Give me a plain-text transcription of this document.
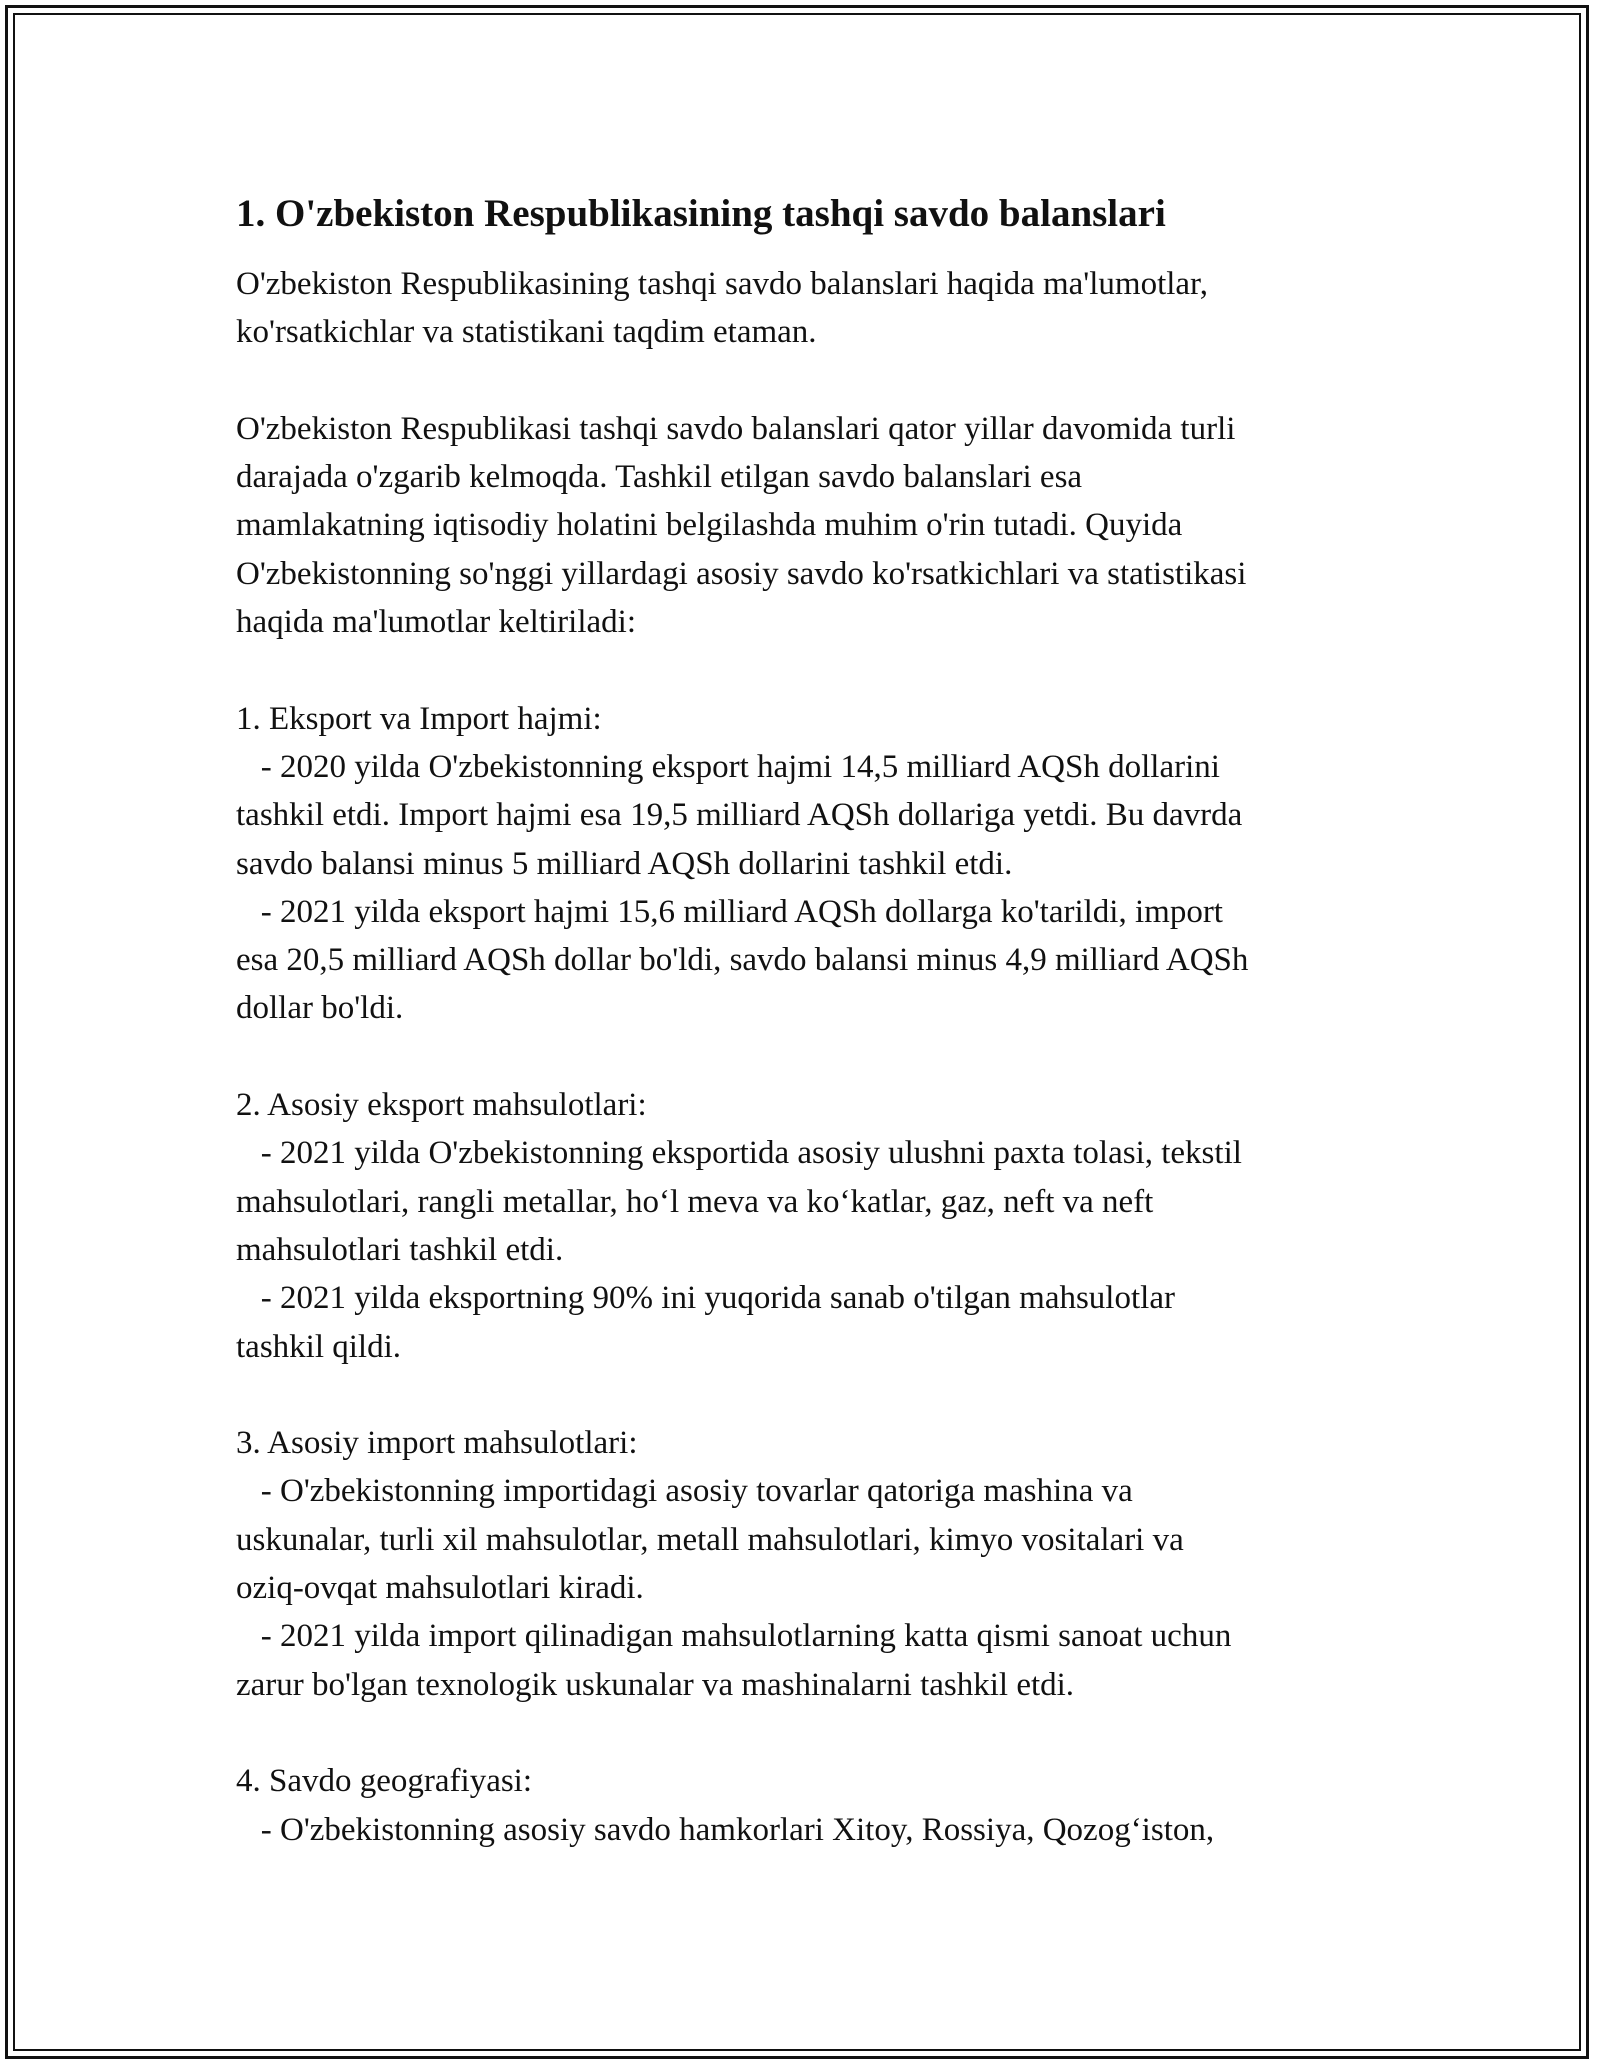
1. O'zbekiston Respublikasining tashqi savdo balanslari

O'zbekiston Respublikasining tashqi savdo balanslari haqida ma'lumotlar,

ko'rsatkichlar va statistikani taqdim etaman.

O'zbekiston Respublikasi tashqi savdo balanslari qator yillar davomida turli

darajada o'zgarib kelmoqda. Tashkil etilgan savdo balanslari esa

mamlakatning iqtisodiy holatini belgilashda muhim o'rin tutadi. Quyida

O'zbekistonning so'nggi yillardagi asosiy savdo ko'rsatkichlari va statistikasi

haqida ma'lumotlar keltiriladi:

1. Eksport va Import hajmi:

- 2020 yilda O'zbekistonning eksport hajmi 14,5 milliard AQSh dollarini

tashkil etdi. Import hajmi esa 19,5 milliard AQSh dollariga yetdi. Bu davrda

savdo balansi minus 5 milliard AQSh dollarini tashkil etdi.

- 2021 yilda eksport hajmi 15,6 milliard AQSh dollarga ko'tarildi, import

esa 20,5 milliard AQSh dollar bo'ldi, savdo balansi minus 4,9 milliard AQSh

dollar bo'ldi.

2. Asosiy eksport mahsulotlari:

- 2021 yilda O'zbekistonning eksportida asosiy ulushni paxta tolasi, tekstil

mahsulotlari, rangli metallar, ho‘l meva va ko‘katlar, gaz, neft va neft

mahsulotlari tashkil etdi.

- 2021 yilda eksportning 90% ini yuqorida sanab o'tilgan mahsulotlar

tashkil qildi.

3. Asosiy import mahsulotlari:

- O'zbekistonning importidagi asosiy tovarlar qatoriga mashina va

uskunalar, turli xil mahsulotlar, metall mahsulotlari, kimyo vositalari va

oziq-ovqat mahsulotlari kiradi.

- 2021 yilda import qilinadigan mahsulotlarning katta qismi sanoat uchun

zarur bo'lgan texnologik uskunalar va mashinalarni tashkil etdi.

4. Savdo geografiyasi:

- O'zbekistonning asosiy savdo hamkorlari Xitoy, Rossiya, Qozog‘iston,
